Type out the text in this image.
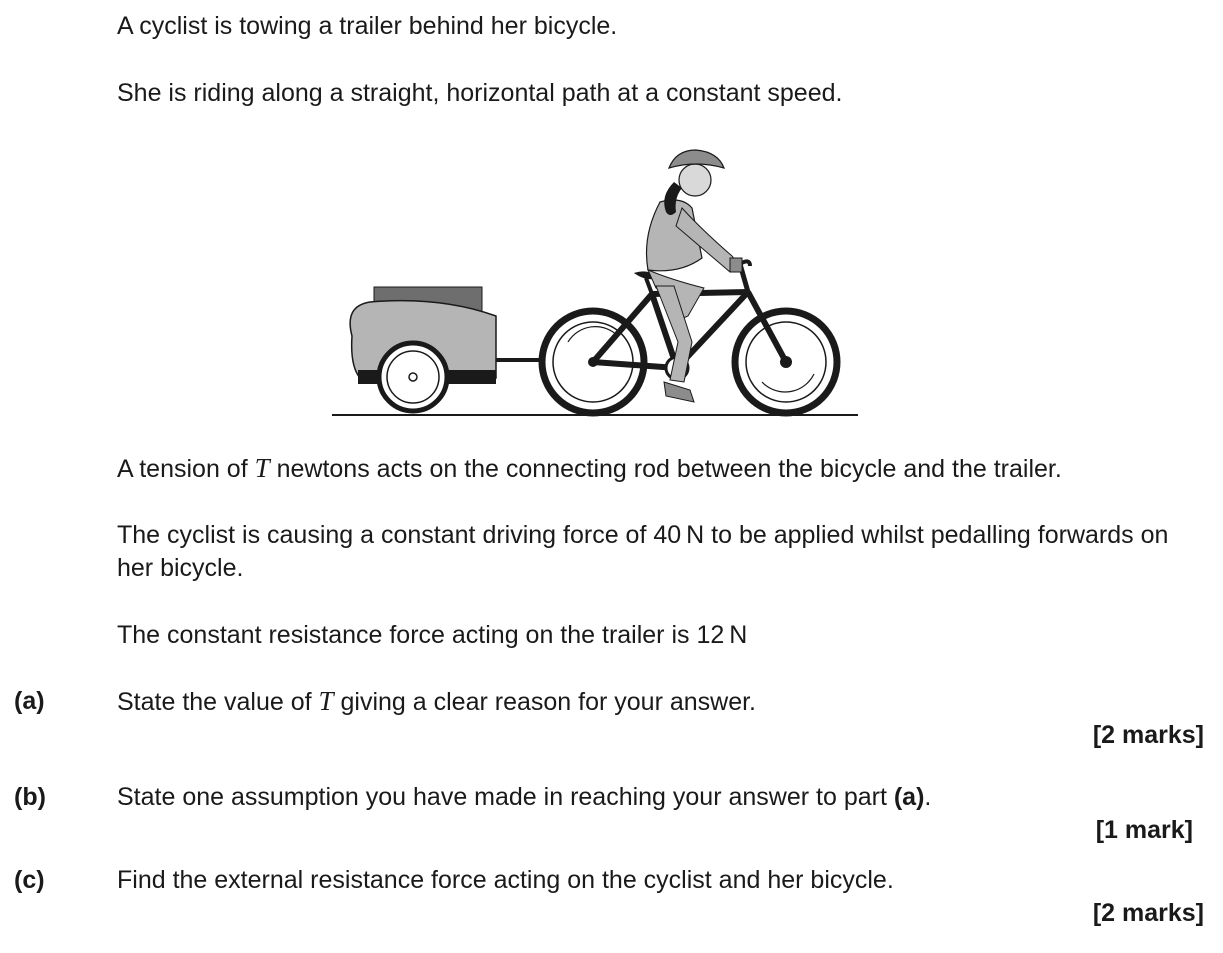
A cyclist is towing a trailer behind her bicycle.

She is riding along a straight, horizontal path at a constant speed.

A tension of T newtons acts on the connecting rod between the bicycle and the trailer.

The cyclist is causing a constant driving force of 40 N to be applied whilst pedalling forwards on her bicycle.

The constant resistance force acting on the trailer is 12 N

(a)	State the value of T giving a clear reason for your answer.

[2 marks]
(b)	State one assumption you have made in reaching your answer to part (a).

[1 mark]
(c)	Find the external resistance force acting on the cyclist and her bicycle.

[2 marks]
